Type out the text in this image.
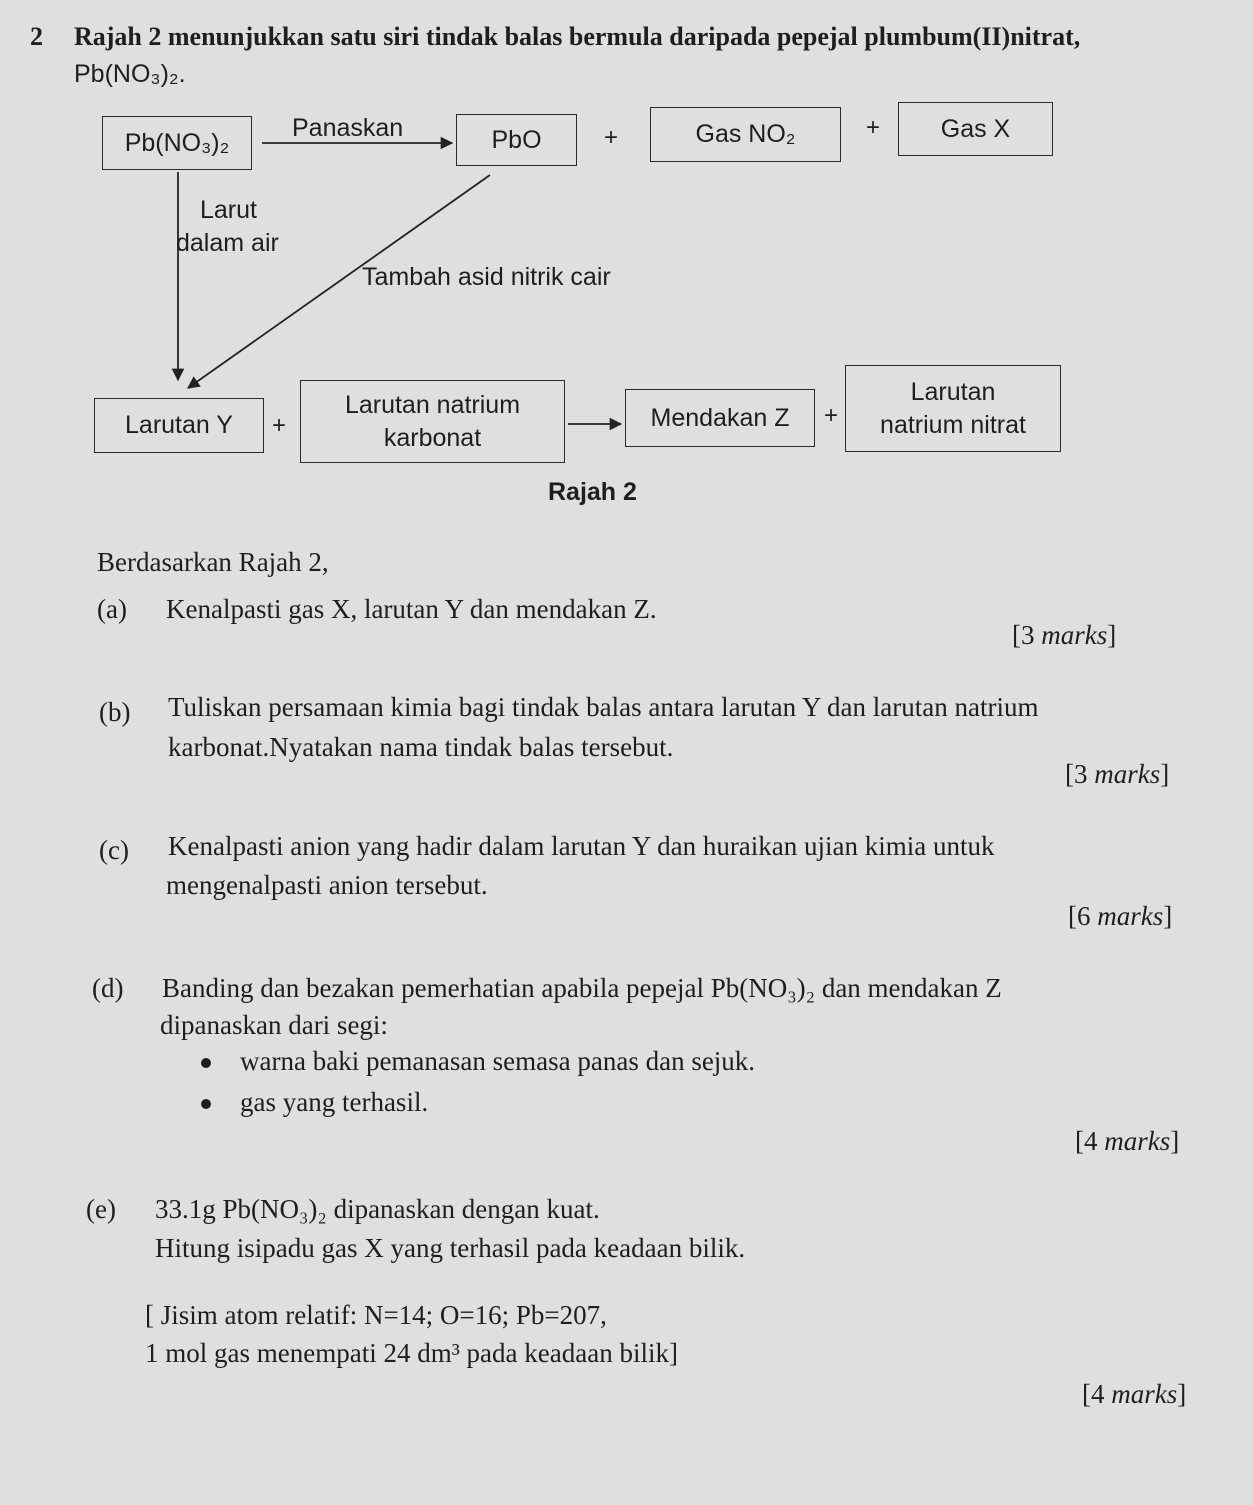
2 Rajah 2 menunjukkan satu siri tindak balas bermula daripada pepejal plumbum(II)nitrat,
Pb(NO₃)₂.
Pb(NO₃)₂
Panaskan	PbO	+	Gas NO₂	+ Gas X
Larut
dalam air
Tambah asid nitrik cair
Larutan Y +
Larutan natrium
karbonat
Mendakan Z +
Larutan
natrium nitrat
Rajah 2
Berdasarkan Rajah 2,
(a) Kenalpasti gas X, larutan Y dan mendakan Z.
[3 marks]
(b) Tuliskan persamaan kimia bagi tindak balas antara larutan Y dan larutan natrium
karbonat.Nyatakan nama tindak balas tersebut.
[3 marks]
(c) Kenalpasti anion yang hadir dalam larutan Y dan huraikan ujian kimia untuk
mengenalpasti anion tersebut.
[6 marks]
(d) Banding dan bezakan pemerhatian apabila pepejal Pb(NO₃)₂ dan mendakan Z
dipanaskan dari segi:
warna baki pemanasan semasa panas dan sejuk.
gas yang terhasil.
[4 marks]
(e) 33.1g Pb(NO₃)₂ dipanaskan dengan kuat.
Hitung isipadu gas X yang terhasil pada keadaan bilik.
[ Jisim atom relatif: N=14; O=16; Pb=207,
1 mol gas menempati 24 dm³ pada keadaan bilik]
[4 marks]
